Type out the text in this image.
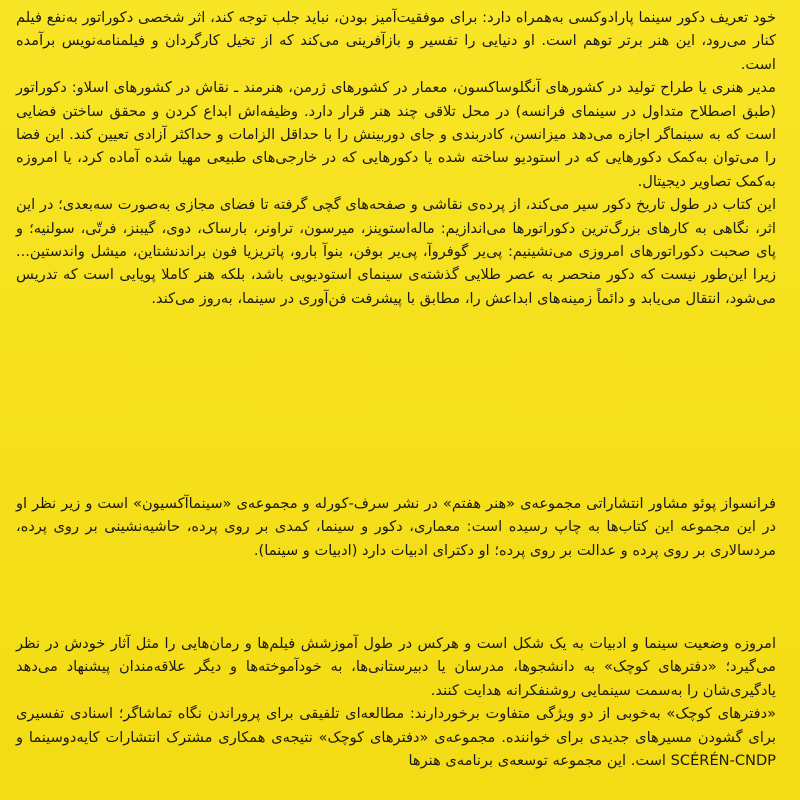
خود تعریف دکور سینما پارادوکسی به‌همراه دارد: برای موفقیت‌آمیز بودن، نباید جلب توجه کند، اثر شخصی دکوراتور به‌نفع فیلم کنار می‌رود، این هنر برتر توهم است. او دنیایی را تفسیر و بازآفرینی می‌کند که از تخیل کارگردان و فیلمنامه‌نویس برآمده است.

مدیر هنری یا طراح تولید در کشورهای آنگلوساکسون، معمار در کشورهای ژرمن، هنرمند ـ نقاش در کشورهای اسلاو: دکوراتور (طبق اصطلاح متداول در سینمای فرانسه) در محل تلاقی چند هنر قرار دارد. وظیفه‌اش ابداع کردن و محقق ساختن فضایی است که به سینماگر اجازه می‌دهد میزانسن، کادربندی و جای دوربینش را با حداقل الزامات و حداکثر آزادی تعیین کند. این فضا را می‌توان به‌کمک دکورهایی که در استودیو ساخته شده یا دکورهایی که در خارجی‌های طبیعی مهیا شده آماده کرد، یا امروزه به‌کمک تصاویر دیجیتال.

این کتاب در طول تاریخ دکور سیر می‌کند، از پرده‌ی نقاشی و صفحه‌های گچی گرفته تا فضای مجازی به‌صورت سه‌بعدی؛ در این اثر، نگاهی به کارهای بزرگ‌ترین دکوراتورها می‌اندازیم: ماله‌استوینز، میرسون، تراونر، بارساک، دوی، گیبنز، فرتّی، سولنیه؛ و پای صحبت دکوراتورهای امروزی می‌نشینیم: پی‌یر گوفروآ، پی‌یر بوفن، بنوآ بارو، پاتریزیا فون براندنشتاین، میشل واندستین... زیرا این‌طور نیست که دکور منحصر به عصر طلایی گذشته‌ی سینمای استودیویی باشد، بلکه هنر کاملا پویایی است که تدریس می‌شود، انتقال می‌یابد و دائماً زمینه‌های ابداعش را، مطابق با پیشرفت فن‌آوری در سینما، به‌روز می‌کند.

فرانسواز پوئو مشاور انتشاراتی مجموعه‌ی «هنر هفتم» در نشر سرف-کورله و مجموعه‌ی «سینماآکسیون» است و زیر نظر او در این مجموعه این کتاب‌ها به چاپ رسیده است: معماری، دکور و سینما، کمدی بر روی پرده، حاشیه‌نشینی بر روی پرده، مردسالاری بر روی پرده و عدالت بر روی پرده؛ او دکترای ادبیات دارد (ادبیات و سینما).

امروزه وضعیت سینما و ادبیات به یک شکل است و هرکس در طول آموزشش فیلم‌ها و رمان‌هایی را مثل آثار خودش در نظر می‌گیرد؛ «دفترهای کوچک» به دانشجوها، مدرسان یا دبیرستانی‌ها، به خودآموخته‌ها و دیگر علاقه‌مندان پیشنهاد می‌دهد یادگیری‌شان را به‌سمت سینمایی روشنفکرانه هدایت کنند.

«دفترهای کوچک» به‌خوبی از دو ویژگی متفاوت برخوردارند: مطالعه‌ای تلفیقی برای پروراندن نگاه تماشاگر؛ اسنادی تفسیری برای گشودن مسیرهای جدیدی برای خواننده. مجموعه‌ی «دفترهای کوچک» نتیجه‌ی همکاری مشترک انتشارات کایه‌دوسینما و SCÉRÉN-CNDP است. این مجموعه توسعه‌ی برنامه‌ی هنرها
